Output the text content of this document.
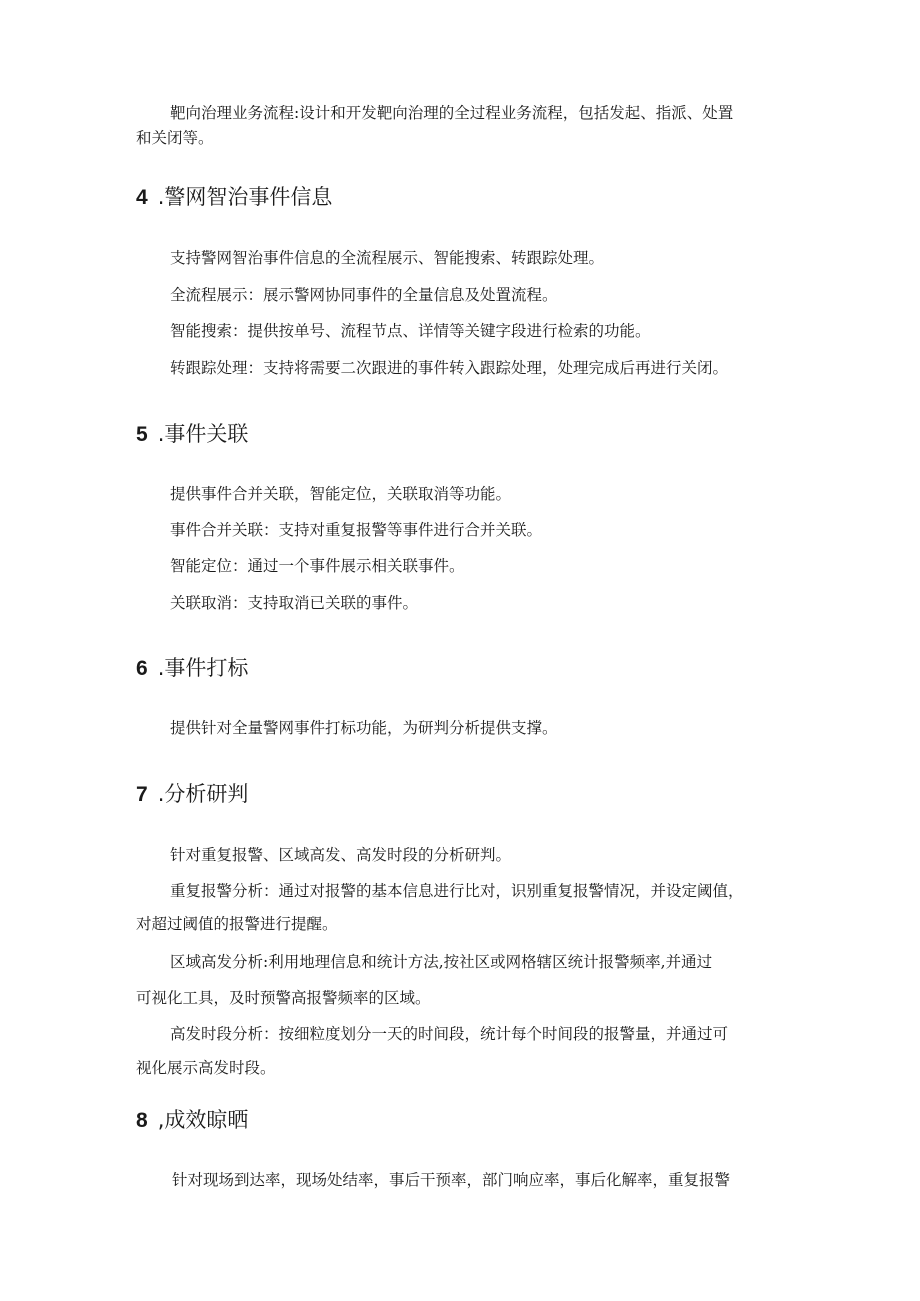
靶向治理业务流程:设计和开发靶向治理的全过程业务流程，包括发起、指派、处置
和关闭等。
4 .警网智治事件信息
支持警网智治事件信息的全流程展示、智能搜索、转跟踪处理。
全流程展示：展示警网协同事件的全量信息及处置流程。
智能搜索：提供按单号、流程节点、详情等关键字段进行检索的功能。
转跟踪处理：支持将需要二次跟进的事件转入跟踪处理，处理完成后再进行关闭。
5 .事件关联
提供事件合并关联，智能定位，关联取消等功能。
事件合并关联：支持对重复报警等事件进行合并关联。
智能定位：通过一个事件展示相关联事件。
关联取消：支持取消已关联的事件。
6 .事件打标
提供针对全量警网事件打标功能，为研判分析提供支撑。
7 .分析研判
针对重复报警、区域高发、高发时段的分析研判。
重复报警分析：通过对报警的基本信息进行比对，识别重复报警情况，并设定阈值，
对超过阈值的报警进行提醒。
区域高发分析:利用地理信息和统计方法,按社区或网格辖区统计报警频率,并通过
可视化工具，及时预警高报警频率的区域。
高发时段分析：按细粒度划分一天的时间段，统计每个时间段的报警量，并通过可
视化展示高发时段。
8 ,成效晾晒
针对现场到达率，现场处结率，事后干预率，部门响应率，事后化解率，重复报警
